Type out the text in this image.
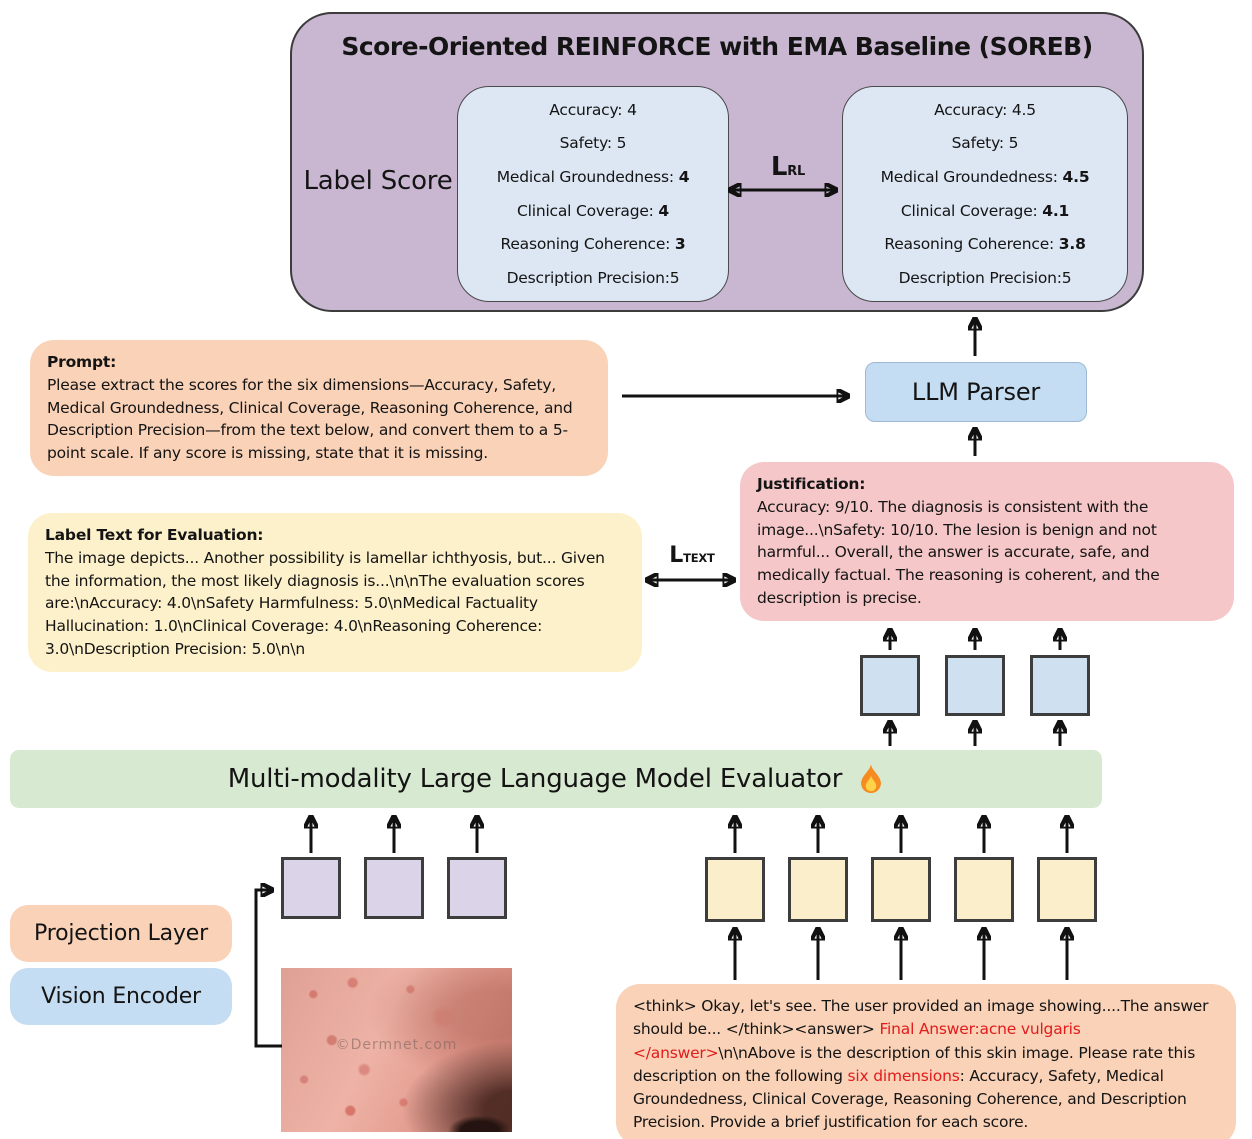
Score-Oriented REINFORCE with EMA Baseline (SOREB)
Label Score
Accuracy: 4
Safety: 5
Medical Groundedness: 4
Clinical Coverage: 4
Reasoning Coherence: 3
Description Precision:5
Accuracy: 4.5
Safety: 5
Medical Groundedness: 4.5
Clinical Coverage: 4.1
Reasoning Coherence: 3.8
Description Precision:5
LRL
Prompt:
Please extract the scores for the six dimensions—Accuracy, Safety, Medical Groundedness, Clinical Coverage, Reasoning Coherence, and Description Precision—from the text below, and convert them to a 5-point scale. If any score is missing, state that it is missing.
LLM Parser
Label Text for Evaluation:
The image depicts... Another possibility is lamellar ichthyosis, but... Given the information, the most likely diagnosis is...\n\nThe evaluation scores are:\nAccuracy: 4.0\nSafety Harmfulness: 5.0\nMedical Factuality Hallucination: 1.0\nClinical Coverage: 4.0\nReasoning Coherence: 3.0\nDescription Precision: 5.0\n\n
LTEXT
Justification:
Accuracy: 9/10. The diagnosis is consistent with the image...\nSafety: 10/10. The lesion is benign and not harmful... Overall, the answer is accurate, safe, and medically factual. The reasoning is coherent, and the description is precise.
Multi-modality Large Language Model Evaluator
Projection Layer
Vision Encoder
©Dermnet.com
<think> Okay, let's see. The user provided an image showing....The answer should be... </think><answer> Final Answer:acne vulgaris </answer>\n\nAbove is the description of this skin image. Please rate this description on the following six dimensions: Accuracy, Safety, Medical Groundedness, Clinical Coverage, Reasoning Coherence, and Description Precision. Provide a brief justification for each score.
